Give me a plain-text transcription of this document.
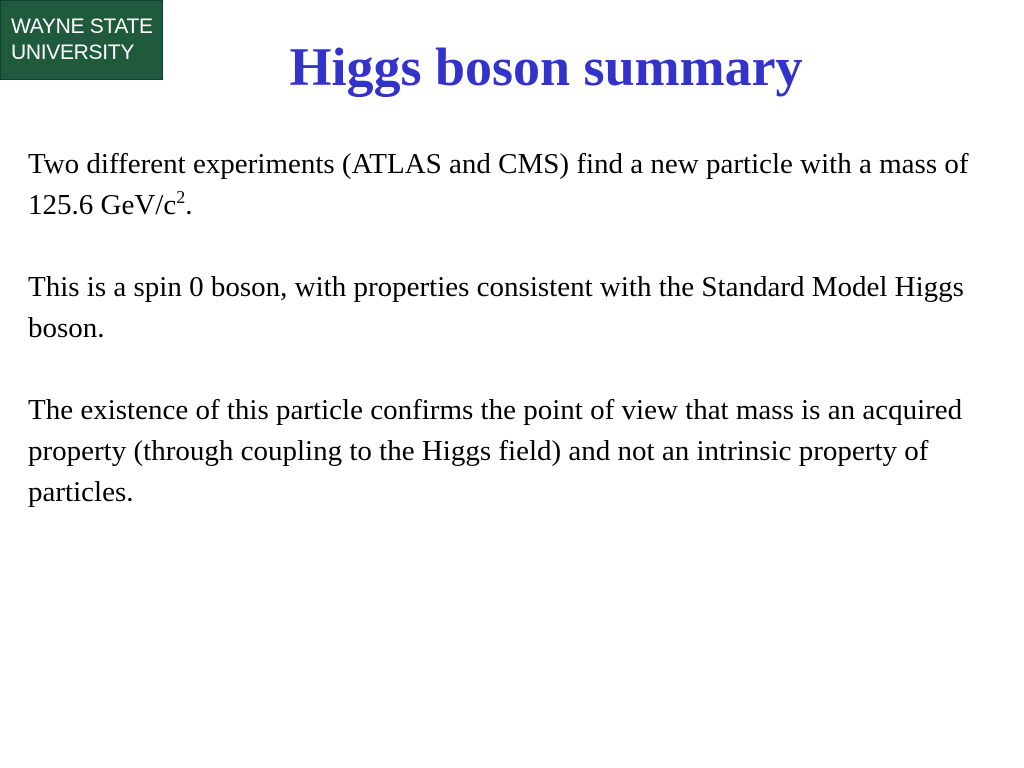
WAYNE STATE
UNIVERSITY	Higgs boson summary

Two different experiments (ATLAS and CMS) find a new particle with a mass of 125.6 GeV/$c^2$.

This is a spin 0 boson, with properties consistent with the Standard Model Higgs boson.

The existence of this particle confirms the point of view that mass is an acquired property (through coupling to the Higgs field) and not an intrinsic property of particles.
